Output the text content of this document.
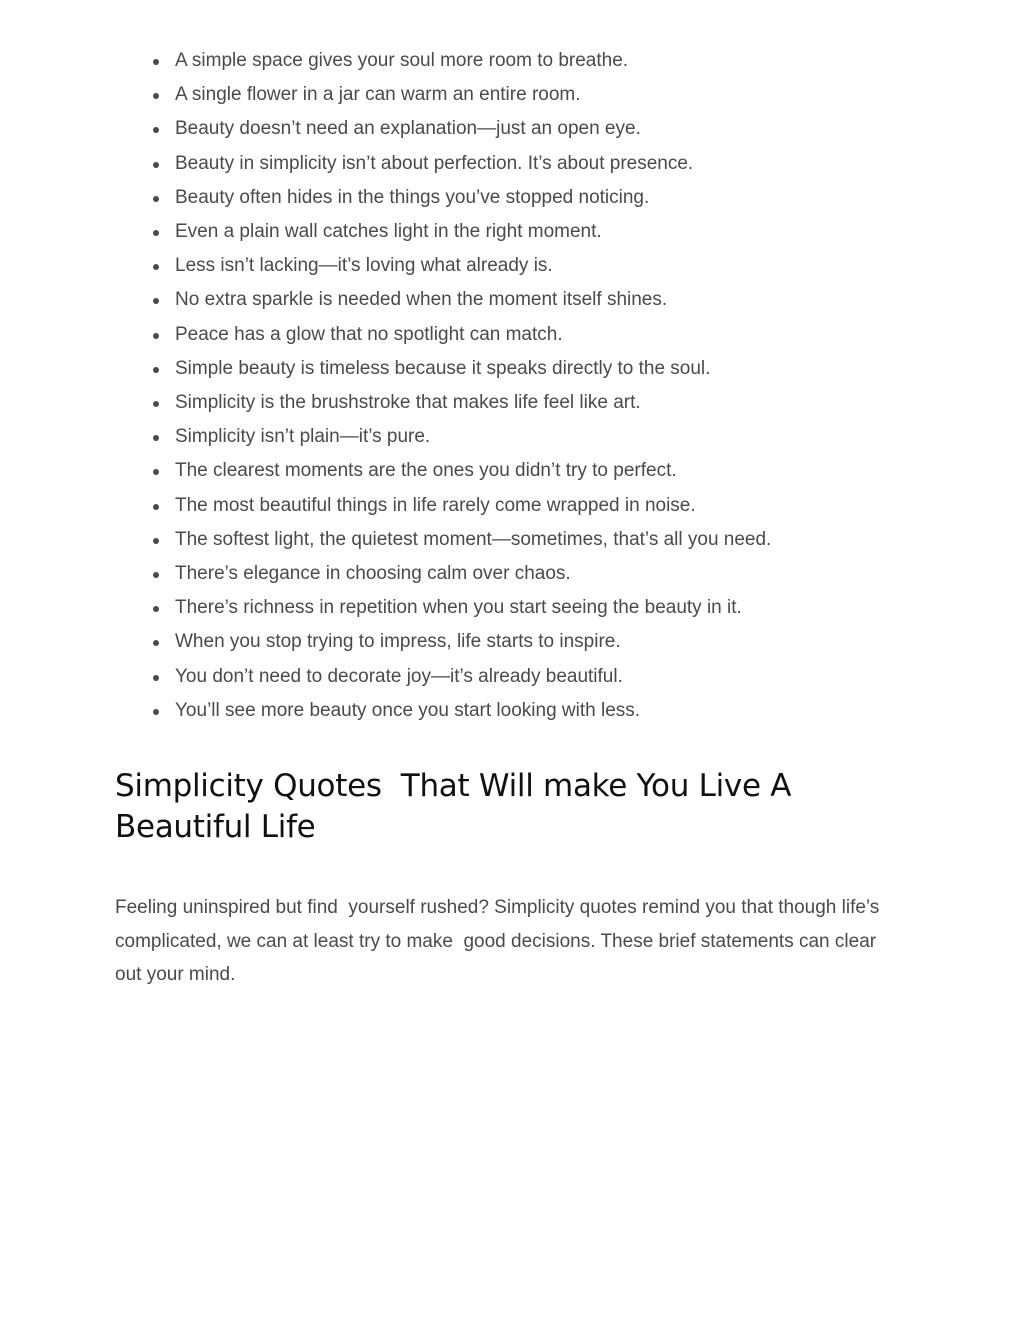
A simple space gives your soul more room to breathe.
A single flower in a jar can warm an entire room.
Beauty doesn’t need an explanation—just an open eye.
Beauty in simplicity isn’t about perfection. It’s about presence.
Beauty often hides in the things you’ve stopped noticing.
Even a plain wall catches light in the right moment.
Less isn’t lacking—it’s loving what already is.
No extra sparkle is needed when the moment itself shines.
Peace has a glow that no spotlight can match.
Simple beauty is timeless because it speaks directly to the soul.
Simplicity is the brushstroke that makes life feel like art.
Simplicity isn’t plain—it’s pure.
The clearest moments are the ones you didn’t try to perfect.
The most beautiful things in life rarely come wrapped in noise.
The softest light, the quietest moment—sometimes, that’s all you need.
There’s elegance in choosing calm over chaos.
There’s richness in repetition when you start seeing the beauty in it.
When you stop trying to impress, life starts to inspire.
You don’t need to decorate joy—it’s already beautiful.
You’ll see more beauty once you start looking with less.
Simplicity Quotes  That Will make You Live A Beautiful Life

Feeling uninspired but find  yourself rushed? Simplicity quotes remind you that though life’s complicated, we can at least try to make  good decisions. These brief statements can clear out your mind.
